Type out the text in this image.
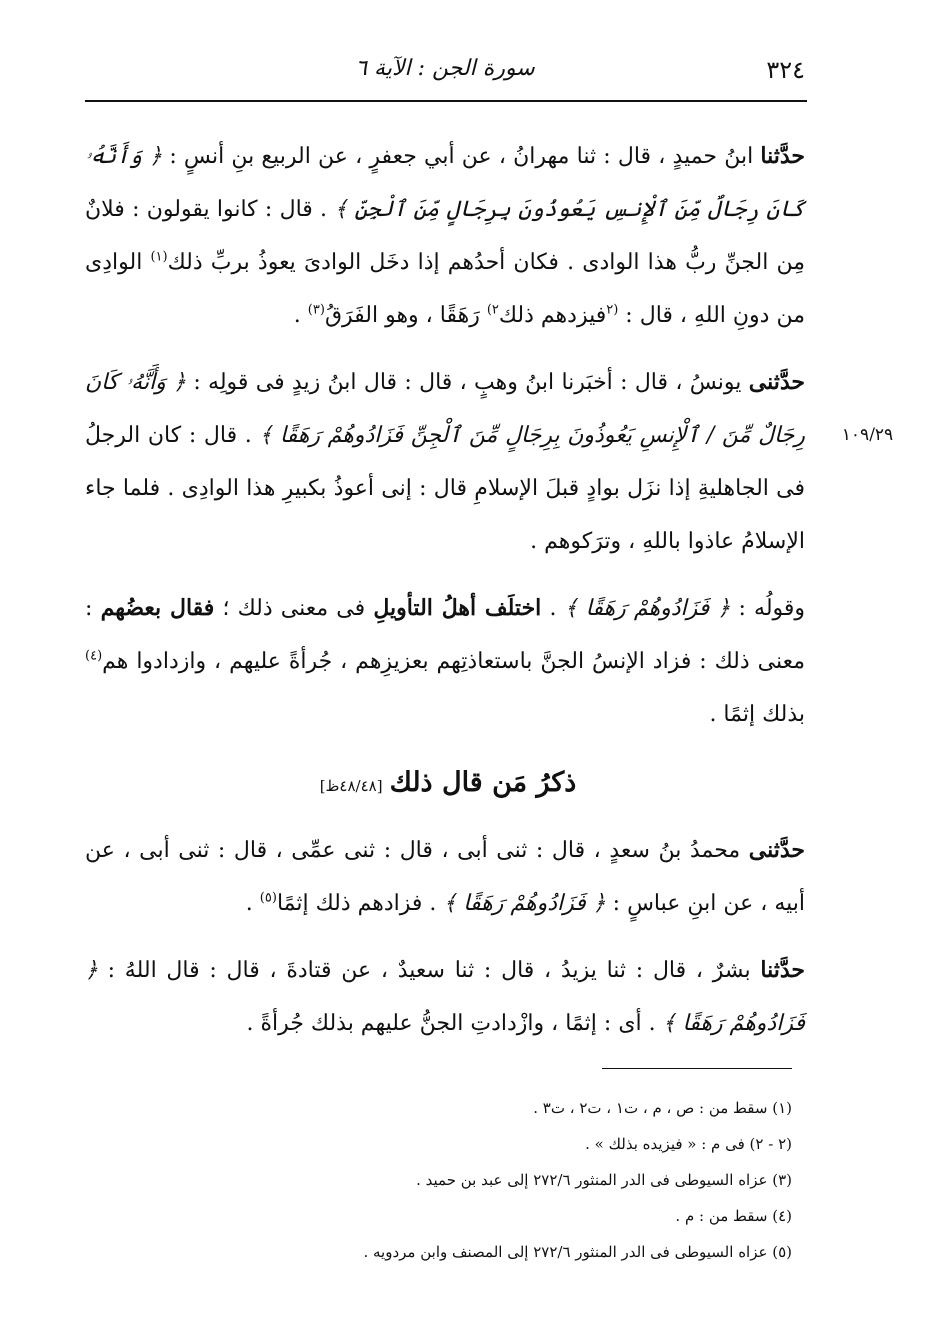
٣٢٤
سورة الجن : الآية ٦
١٠٩/٢٩

حدَّثنا ابنُ حميدٍ ، قال : ثنا مهرانُ ، عن أبي جعفرٍ ، عن الربيع بنِ أنسٍ : ﴿ وَأَنَّهُۥ كَانَ رِجَالٌ مِّنَ ٱلْإِنسِ يَعُوذُونَ بِرِجَالٍ مِّنَ ٱلْجِنِّ ﴾ . قال : كانوا يقولون : فلانٌ مِن الجنِّ ربُّ هذا الوادى . فكان أحدُهم إذا دخَل الوادىَ يعوذُ بربِّ ذلك$^{(١)}$ الوادِى من دونِ اللهِ ، قال : $^{(٢}$فيزدهم ذلك$^{٢)}$ رَهَقًا ، وهو الفَرَقُ$^{(٣)}$ .

حدَّثنى يونسُ ، قال : أخبَرنا ابنُ وهبٍ ، قال : قال ابنُ زيدٍ فى قولِه : ﴿ وَأَنَّهُۥ كَانَ رِجَالٌ مِّنَ / ٱلْإِنسِ يَعُوذُونَ بِرِجَالٍ مِّنَ ٱلْجِنِّ فَزَادُوهُمْ رَهَقًا ﴾ . قال : كان الرجلُ فى الجاهليةِ إذا نزَل بوادٍ قبلَ الإسلامِ قال : إنى أعوذُ بكبيرِ هذا الوادِى . فلما جاء الإسلامُ عاذوا باللهِ ، وترَكوهم .

وقولُه : ﴿ فَزَادُوهُمْ رَهَقًا ﴾ . اختلَف أهلُ التأويلِ فى معنى ذلك ؛ فقال بعضُهم : معنى ذلك : فزاد الإنسُ الجنَّ باستعاذتِهم بعزيزِهم ، جُرأةً عليهم ، وازدادوا هم$^{(٤)}$ بذلك إثمًا .

ذكرُ مَن قال ذلك [٤٨/٤٨ظ]

حدَّثنى محمدُ بنُ سعدٍ ، قال : ثنى أبى ، قال : ثنى عمِّى ، قال : ثنى أبى ، عن أبيه ، عن ابنِ عباسٍ : ﴿ فَزَادُوهُمْ رَهَقًا ﴾ . فزادهم ذلك إثمًا$^{(٥)}$ .

حدَّثنا بشرٌ ، قال : ثنا يزيدُ ، قال : ثنا سعيدٌ ، عن قتادةَ ، قال : قال اللهُ : ﴿ فَزَادُوهُمْ رَهَقًا ﴾ . أى : إثمًا ، وازْدادتِ الجنُّ عليهم بذلك جُرأةً .

(١) سقط من : ص ، م ، ت١ ، ت٢ ، ت٣ .
(٢ - ٢) فى م : « فيزيده بذلك » .
(٣) عزاه السيوطى فى الدر المنثور ٢٧٢/٦ إلى عبد بن حميد .
(٤) سقط من : م .
(٥) عزاه السيوطى فى الدر المنثور ٢٧٢/٦ إلى المصنف وابن مردويه .
